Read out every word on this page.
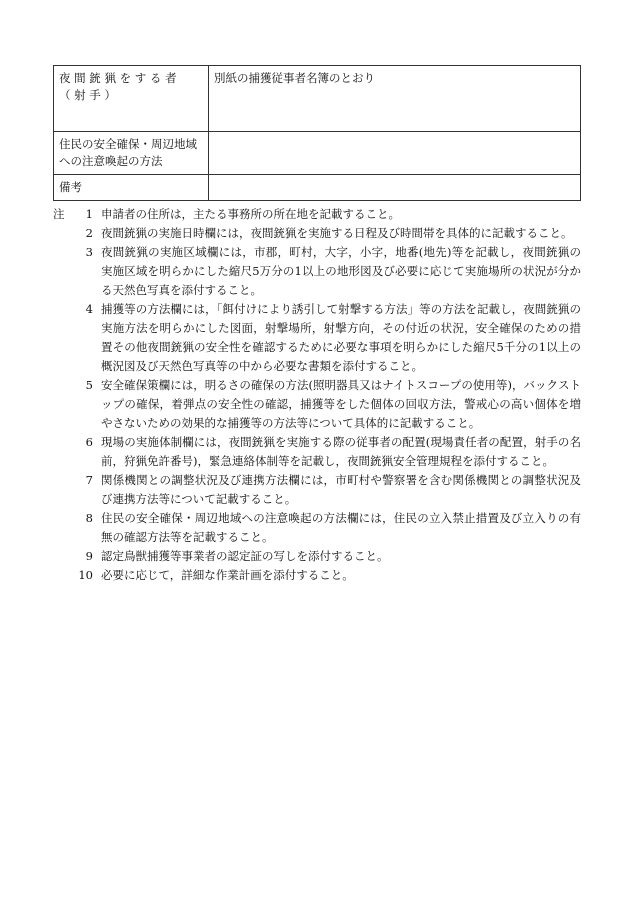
夜 間 銃 猟 を す る 者
（ 射 手 ）	別紙の捕獲従事者名簿のとおり

住民の安全確保・周辺地域
への注意喚起の方法	

備考	

注	1 申請者の住所は，主たる事務所の所在地を記載すること。
2 夜間銃猟の実施日時欄には，夜間銃猟を実施する日程及び時間帯を具体的に記載すること。
3 夜間銃猟の実施区域欄には，市郡，町村，大字，小字，地番(地先)等を記載し，夜間銃猟の実施区域を明らかにした縮尺5万分の1以上の地形図及び必要に応じて実施場所の状況が分かる天然色写真を添付すること。
4 捕獲等の方法欄には，「餌付けにより誘引して射撃する方法」等の方法を記載し，夜間銃猟の実施方法を明らかにした図面，射撃場所，射撃方向，その付近の状況，安全確保のための措置その他夜間銃猟の安全性を確認するために必要な事項を明らかにした縮尺5千分の1以上の概況図及び天然色写真等の中から必要な書類を添付すること。
5 安全確保策欄には，明るさの確保の方法(照明器具又はナイトスコープの使用等)，バックストップの確保，着弾点の安全性の確認，捕獲等をした個体の回収方法，警戒心の高い個体を増やさないための効果的な捕獲等の方法等について具体的に記載すること。
6 現場の実施体制欄には，夜間銃猟を実施する際の従事者の配置(現場責任者の配置，射手の名前，狩猟免許番号)，緊急連絡体制等を記載し，夜間銃猟安全管理規程を添付すること。
7 関係機関との調整状況及び連携方法欄には，市町村や警察署を含む関係機関との調整状況及び連携方法等について記載すること。
8 住民の安全確保・周辺地域への注意喚起の方法欄には，住民の立入禁止措置及び立入りの有無の確認方法等を記載すること。
9 認定鳥獣捕獲等事業者の認定証の写しを添付すること。
10 必要に応じて，詳細な作業計画を添付すること。
